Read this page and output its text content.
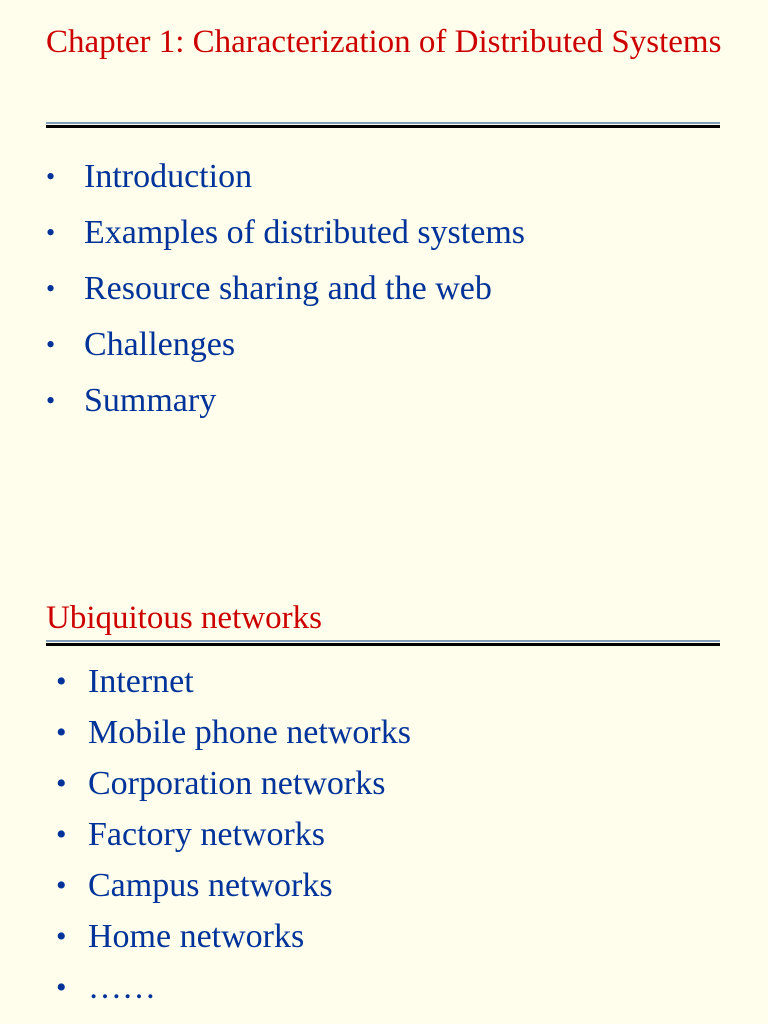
Chapter 1: Characterization of Distributed Systems
• Introduction
• Examples of distributed systems
• Resource sharing and the web
• Challenges
• Summary
Ubiquitous networks
• Internet
• Mobile phone networks
• Corporation networks
• Factory networks
• Campus networks
• Home networks
• ……
